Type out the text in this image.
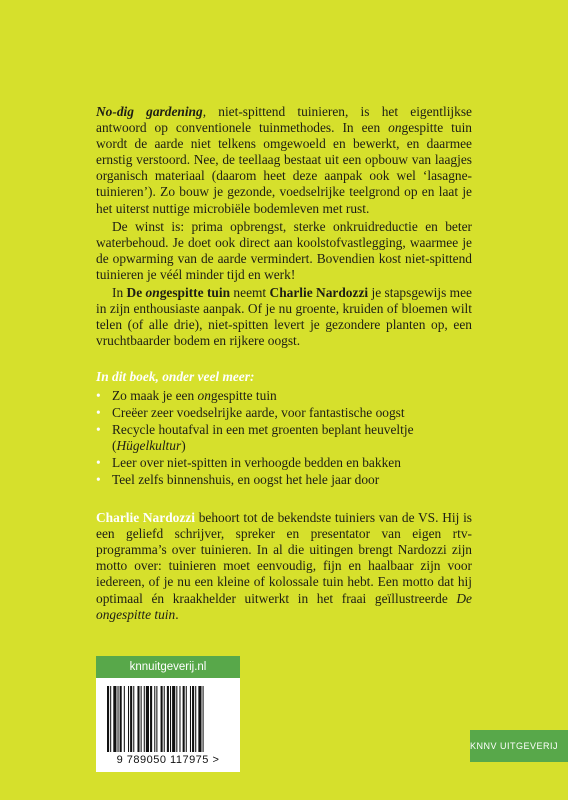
No-dig gardening, niet-spittend tuinieren, is het eigentlijkse antwoord op conventionele tuinmethodes. In een ongespitte tuin wordt de aarde niet telkens omgewoeld en bewerkt, en daarmee ernstig verstoord. Nee, de teellaag bestaat uit een opbouw van laagjes organisch materiaal (daarom heet deze aanpak ook wel ‘lasagne-tuinieren’). Zo bouw je gezonde, voedselrijke teelgrond op en laat je het uiterst nuttige microbiële bodemleven met rust.

De winst is: prima opbrengst, sterke onkruidreductie en beter waterbehoud. Je doet ook direct aan koolstofvastlegging, waarmee je de opwarming van de aarde vermindert. Bovendien kost niet-spittend tuinieren je véél minder tijd en werk!

In De ongespitte tuin neemt Charlie Nardozzi je stapsgewijs mee in zijn enthousiaste aanpak. Of je nu groente, kruiden of bloemen wilt telen (of alle drie), niet-spitten levert je gezondere planten op, een vruchtbaarder bodem en rijkere oogst.

In dit boek, onder veel meer:
• Zo maak je een ongespitte tuin
• Creëer zeer voedselrijke aarde, voor fantastische oogst
• Recycle houtafval in een met groenten beplant heuveltje (Hügelkultur)
• Leer over niet-spitten in verhoogde bedden en bakken
• Teel zelfs binnenshuis, en oogst het hele jaar door

Charlie Nardozzi behoort tot de bekendste tuiniers van de VS. Hij is een geliefd schrijver, spreker en presentator van eigen rtv-programma’s over tuinieren. In al die uitingen brengt Nardozzi zijn motto over: tuinieren moet eenvoudig, fijn en haalbaar zijn voor iedereen, of je nu een kleine of kolossale tuin hebt. Een motto dat hij optimaal én kraakhelder uitwerkt in het fraai geïllustreerde De ongespitte tuin.

knnuitgeverij.nl
9 789050 117975 >
KNNV UITGEVERIJ
